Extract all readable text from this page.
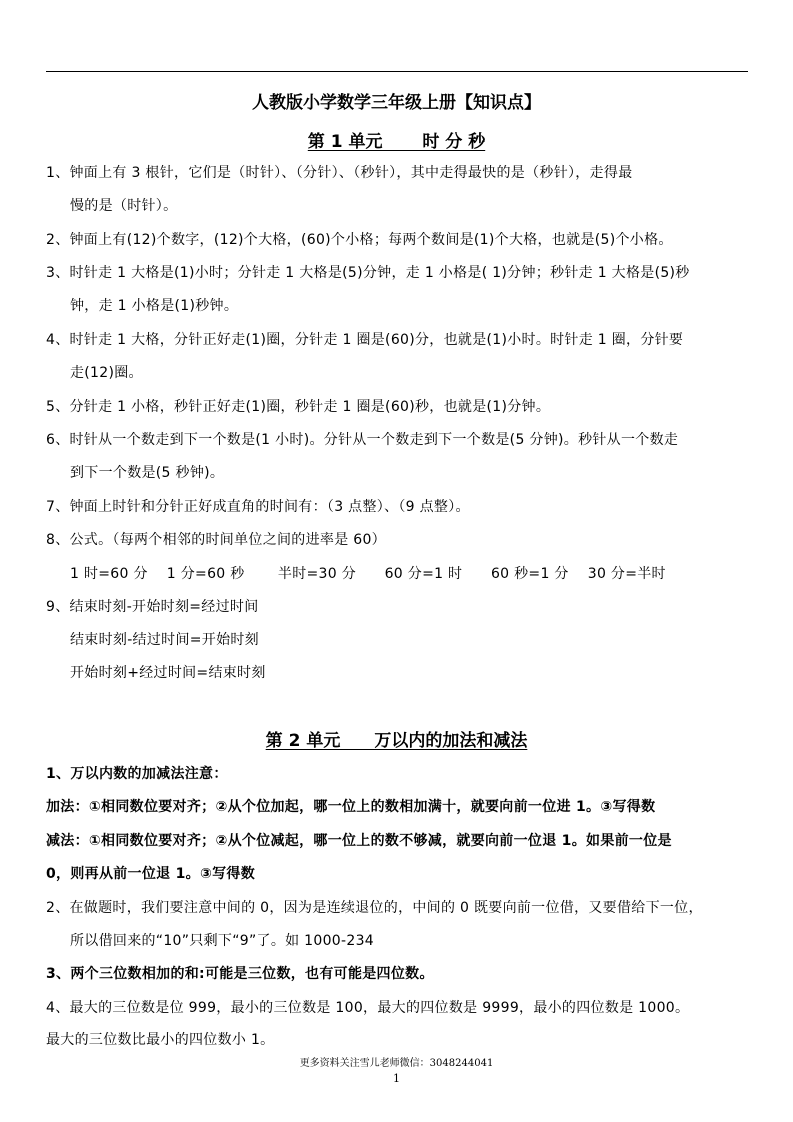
人教版小学数学三年级上册【知识点】
第 1 单元　　 时 分 秒
1、钟面上有 3 根针，它们是（时针）、（分针）、（秒针），其中走得最快的是（秒针），走得最
慢的是（时针）。
2、钟面上有(12)个数字，(12)个大格，(60)个小格；每两个数间是(1)个大格，也就是(5)个小格。
3、时针走 1 大格是(1)小时；分针走 1 大格是(5)分钟，走 1 小格是( 1)分钟；秒针走 1 大格是(5)秒
钟，走 1 小格是(1)秒钟。
4、时针走 1 大格，分针正好走(1)圈，分针走 1 圈是(60)分，也就是(1)小时。时针走 1 圈，分针要
走(12)圈。
5、分针走 1 小格，秒针正好走(1)圈，秒针走 1 圈是(60)秒，也就是(1)分钟。
6、时针从一个数走到下一个数是(1 小时)。分针从一个数走到下一个数是(5 分钟)。秒针从一个数走
到下一个数是(5 秒钟)。
7、钟面上时针和分针正好成直角的时间有：（3 点整）、（9 点整）。
8、公式。（每两个相邻的时间单位之间的进率是 60）
1 时=60 分　 1 分=60 秒　　 半时=30 分　　60 分=1 时　　60 秒=1 分　 30 分=半时
9、结束时刻-开始时刻=经过时间
结束时刻-结过时间=开始时刻
开始时刻+经过时间=结束时刻
第 2 单元　　万以内的加法和减法
1、万以内数的加减法注意：
加法：①相同数位要对齐；②从个位加起，哪一位上的数相加满十，就要向前一位进 1。③写得数
减法：①相同数位要对齐；②从个位减起，哪一位上的数不够减，就要向前一位退 1。如果前一位是
0，则再从前一位退 1。③写得数
2、在做题时，我们要注意中间的 0，因为是连续退位的，中间的 0 既要向前一位借，又要借给下一位，
所以借回来的“10”只剩下“9”了。如 1000-234
3、两个三位数相加的和:可能是三位数，也有可能是四位数。
4、最大的三位数是位 999，最小的三位数是 100，最大的四位数是 9999，最小的四位数是 1000。
最大的三位数比最小的四位数小 1。
更多资料关注雪儿老师微信：3048244041
1
